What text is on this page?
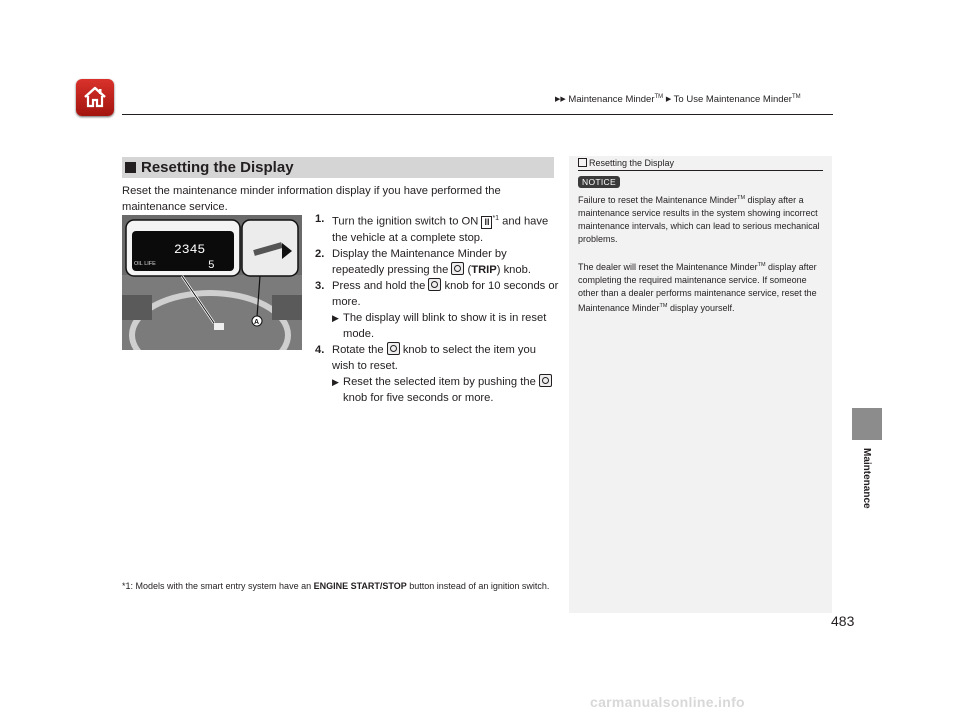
▶▶ Maintenance Minder™ ▶ To Use Maintenance Minder™
Resetting the Display
Reset the maintenance minder information display if you have performed the maintenance service.
2345
OIL LIFE	5
A

1. Turn the ignition switch to ON II $^{*1}$ and have the vehicle at a complete stop.

2. Display the Maintenance Minder by repeatedly pressing the  (TRIP) knob.

3. Press and hold the  knob for 10 seconds or more.

▶ The display will blink to show it is in reset mode.

4. Rotate the  knob to select the item you wish to reset.

▶ Reset the selected item by pushing the  knob for five seconds or more.

*1: Models with the smart entry system have an ENGINE START/STOP button instead of an ignition switch.
Resetting the Display
NOTICE
Failure to reset the Maintenance Minder™ display after a maintenance service results in the system showing incorrect maintenance intervals, which can lead to serious mechanical problems.
The dealer will reset the Maintenance Minder™ display after completing the required maintenance service. If someone other than a dealer performs maintenance service, reset the Maintenance Minder™ display yourself.
Maintenance
483
carmanualsonline.info
